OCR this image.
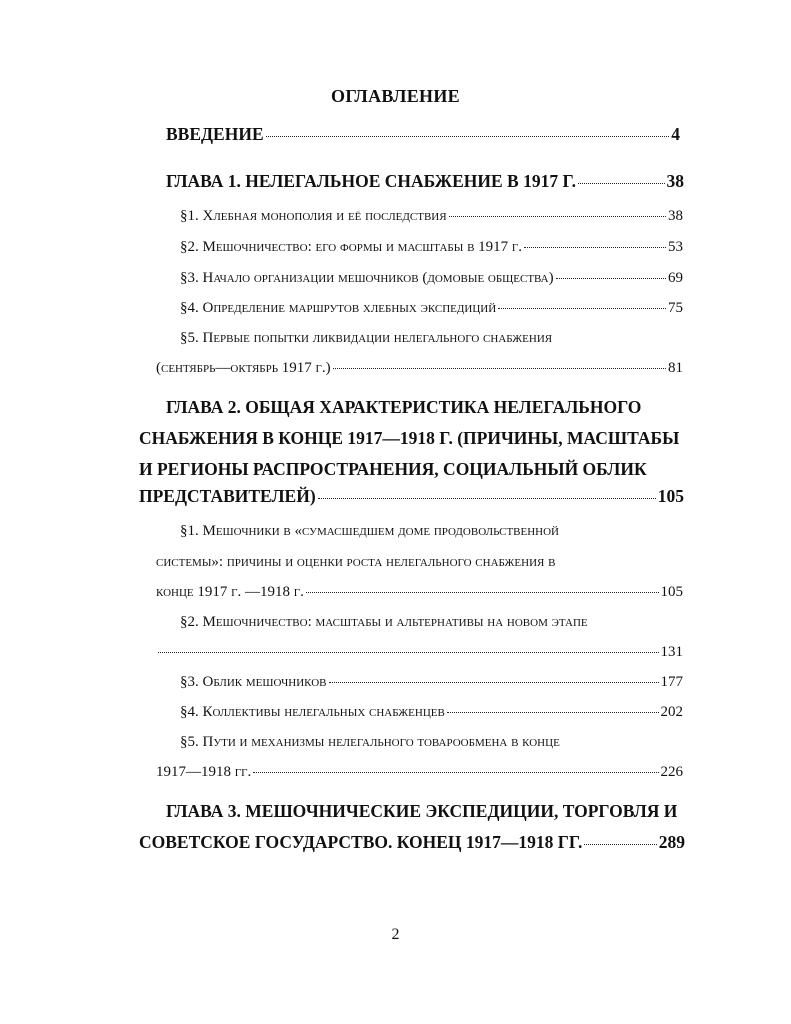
ОГЛАВЛЕНИЕ
ВВЕДЕНИЕ	4
ГЛАВА 1. НЕЛЕГАЛЬНОЕ СНАБЖЕНИЕ В 1917 Г.	38
§1. Хлебная монополия и её последствия	38
§2. Мешочничество: его формы и масштабы в 1917 г.	53
§3. Начало организации мешочников (домовые общества)	69
§4. Определение маршрутов хлебных экспедиций	75
§5. Первые попытки ликвидации нелегального снабжения
(сентябрь—октябрь 1917 г.)	81
ГЛАВА 2. ОБЩАЯ ХАРАКТЕРИСТИКА НЕЛЕГАЛЬНОГО
СНАБЖЕНИЯ В КОНЦЕ 1917—1918 Г. (ПРИЧИНЫ, МАСШТАБЫ
И РЕГИОНЫ РАСПРОСТРАНЕНИЯ, СОЦИАЛЬНЫЙ ОБЛИК
ПРЕДСТАВИТЕЛЕЙ)	105
§1. Мешочники в «сумасшедшем доме продовольственной
системы»: причины и оценки роста нелегального снабжения в
конце 1917 г. —1918 г.	105
§2. Мешочничество: масштабы и альтернативы на новом этапе
131
§3. Облик мешочников	177
§4. Коллективы нелегальных снабженцев	202
§5. Пути и механизмы нелегального товарообмена в конце
1917—1918 гг.	226
ГЛАВА 3. МЕШОЧНИЧЕСКИЕ ЭКСПЕДИЦИИ, ТОРГОВЛЯ И
СОВЕТСКОЕ ГОСУДАРСТВО. КОНЕЦ 1917—1918 ГГ.	289
2
